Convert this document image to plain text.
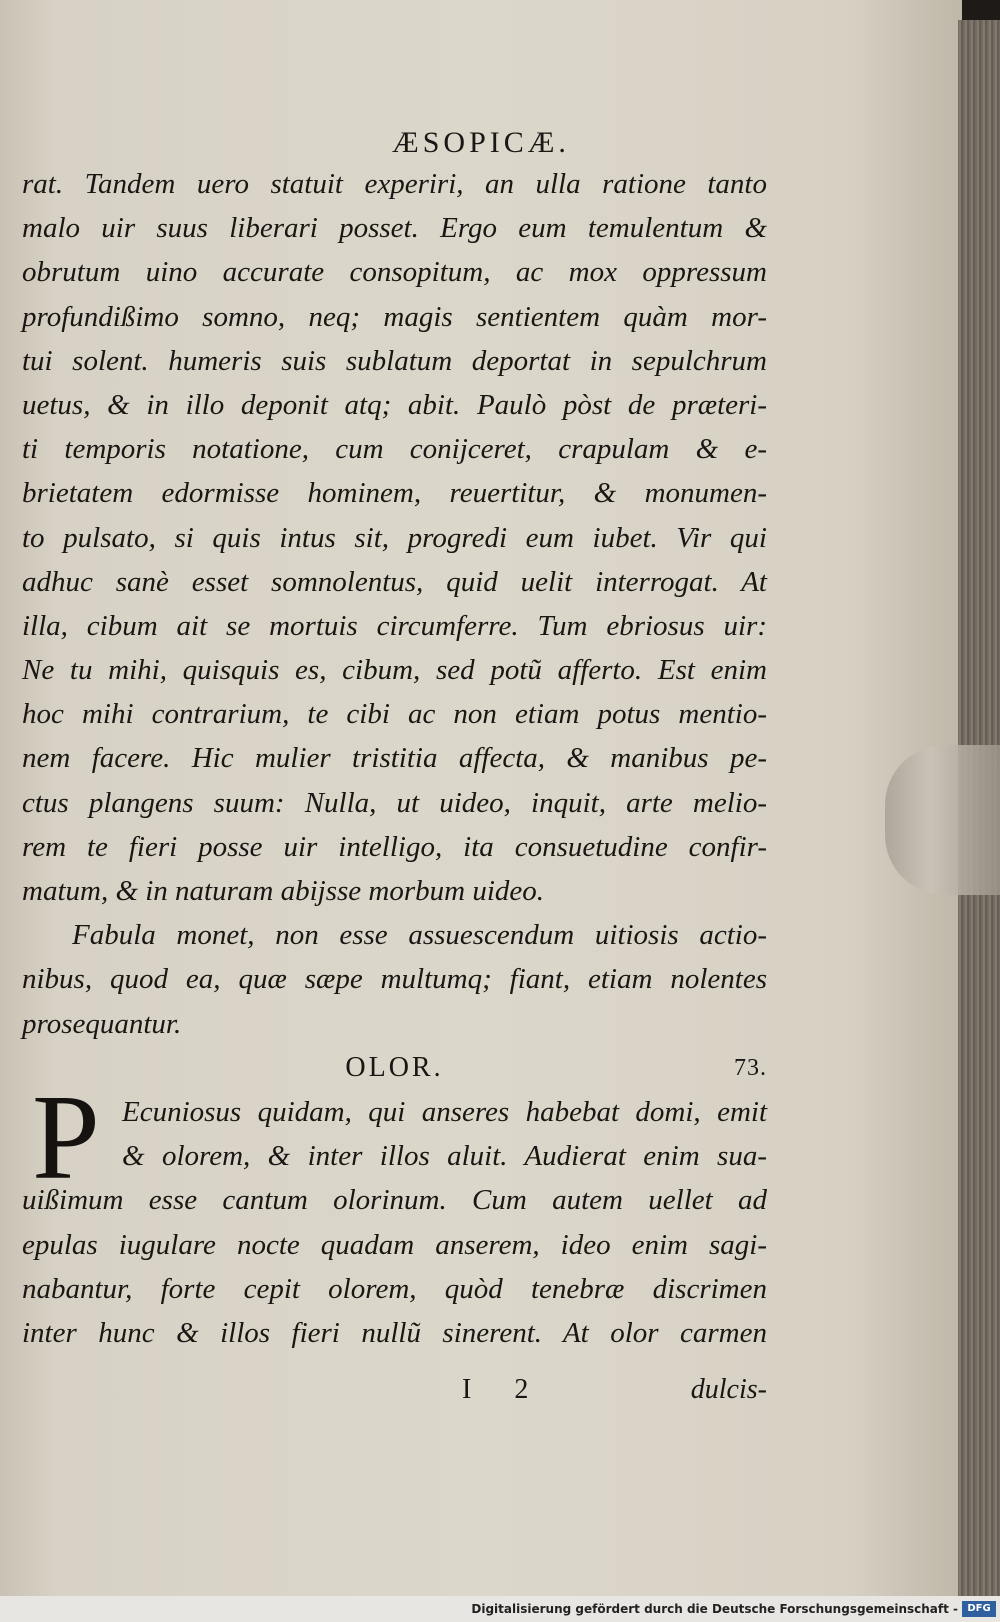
ÆSOPICÆ.
rat. Tandem uero statuit experiri, an ulla ratione tanto
malo uir suus liberari posset. Ergo eum temulentum &
obrutum uino accurate consopitum, ac mox oppressum
profundißimo somno, neq; magis sentientem quàm mor-
tui solent. humeris suis sublatum deportat in sepulchrum
uetus, & in illo deponit atq; abit. Paulò pòst de præteri-
ti temporis notatione, cum conijceret, crapulam & e-
brietatem edormisse hominem, reuertitur, & monumen-
to pulsato, si quis intus sit, progredi eum iubet. Vir qui
adhuc sanè esset somnolentus, quid uelit interrogat. At
illa, cibum ait se mortuis circumferre. Tum ebriosus uir:
Ne tu mihi, quisquis es, cibum, sed potũ afferto. Est enim
hoc mihi contrarium, te cibi ac non etiam potus mentio-
nem facere. Hic mulier tristitia affecta, & manibus pe-
ctus plangens suum: Nulla, ut uideo, inquit, arte melio-
rem te fieri posse uir intelligo, ita consuetudine confir-
matum, & in naturam abijsse morbum uideo.
Fabula monet, non esse assuescendum uitiosis actio-
nibus, quod ea, quæ sæpe multumq; fiant, etiam nolentes
prosequantur.
OLOR.	73.
P Ecuniosus quidam, qui anseres habebat domi, emit
& olorem, & inter illos aluit. Audierat enim sua-
uißimum esse cantum olorinum. Cum autem uellet ad
epulas iugulare nocte quadam anserem, ideo enim sagi-
nabantur, forte cepit olorem, quòd tenebræ discrimen
inter hunc & illos fieri nullũ sinerent. At olor carmen
I 2	dulcis-
Digitalisierung gefördert durch die Deutsche Forschungsgemeinschaft - DFG
